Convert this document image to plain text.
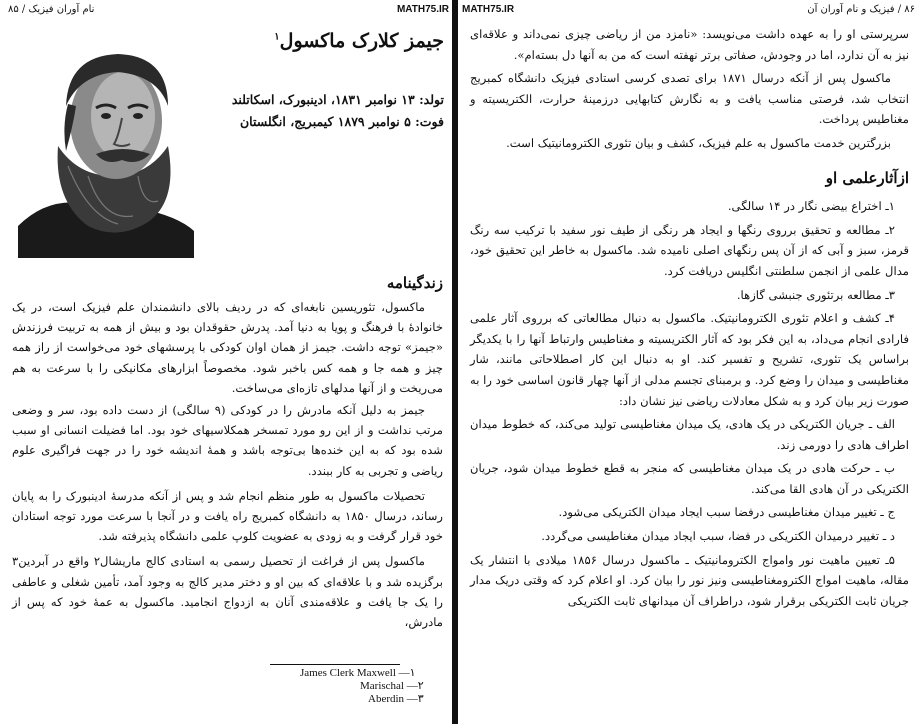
نام آوران فیزیک / ۸۵	MATH75.IR
جیمز کلارک ماکسول$^۱$
تولد: ۱۳ نوامبر ۱۸۳۱، ادینبورک، اسکاتلند
فوت: ۵ نوامبر ۱۸۷۹ کیمبریج، انگلستان
زندگینامه

ماکسول، تئوریسین نابغه‌ای که در ردیف بالای دانشمندان علم فیزیک است، در یک خانوادهٔ با فرهنگ و پویا به دنیا آمد. پدرش حقوقدان بود و بیش از همه به تربیت فرزندش «جیمز» توجه داشت. جیمز از همان اوان کودکی با پرسشهای خود می‌خواست از راز همه چیز و همه جا و همه کس باخبر شود. مخصوصاً ابزارهای مکانیکی را با سرعت به هم می‌ریخت و از آنها مدلهای تازه‌ای می‌ساخت.

جیمز به دلیل آنکه مادرش را در کودکی (۹ سالگی) از دست داده بود، سر و وضعی مرتب نداشت و از این رو مورد تمسخر همکلاسیهای خود بود. اما فضیلت انسانی او سبب شده بود که به این خنده‌ها بی‌توجه باشد و همهٔ اندیشه خود را در جهت فراگیری علوم ریاضی و تجربی به کار ببندد.

تحصیلات ماکسول به طور منظم انجام شد و پس از آنکه مدرسهٔ ادینبورک را به پایان رساند، درسال ۱۸۵۰ به دانشگاه کمبریج راه یافت و در آنجا با سرعت مورد توجه استادان خود قرار گرفت و به زودی به عضویت کلوپ علمی دانشگاه پذیرفته شد.

ماکسول پس از فراغت از تحصیل رسمی به استادی کالج ماریشال۲ واقع در آبردین۳ برگزیده شد و با علاقه‌ای که بین او و دختر مدیر کالج به وجود آمد، تأمین شغلی و عاطفی را یک جا یافت و علاقه‌مندی آنان به ازدواج انجامید. ماکسول به عمهٔ خود که پس از مادرش،

James Clerk Maxwell —۱
Marischal —۲
Aberdin —۳
MATH75.IR	۸۶ / فیزیک و نام آوران آن

سرپرستی او را به عهده داشت می‌نویسد: «نامزد من از ریاضی چیزی نمی‌داند و علاقه‌ای نیز به آن ندارد، اما در وجودش، صفاتی برتر نهفته است که من به آنها دل بسته‌ام».

ماکسول پس از آنکه درسال ۱۸۷۱ برای تصدی کرسی استادی فیزیک دانشگاه کمبریج انتخاب شد، فرصتی مناسب یافت و به نگارش کتابهایی درزمینهٔ حرارت، الکتریسیته و مغناطیس پرداخت.

بزرگترین خدمت ماکسول به علم فیزیک، کشف و بیان تئوری الکترومانیتیک است.

ازآثارعلمی او

۱ـ اختراع بیضی نگار در ۱۴ سالگی.

۲ـ مطالعه و تحقیق برروی رنگها و ایجاد هر رنگی از طیف نور سفید با ترکیب سه رنگ قرمز، سبز و آبی که از آن پس رنگهای اصلی نامیده شد. ماکسول به خاطر این تحقیق خود، مدال علمی از انجمن سلطنتی انگلیس دریافت کرد.

۳ـ مطالعه برتئوری جنبشی گازها.

۴ـ کشف و اعلام تئوری الکترومانیتیک. ماکسول به دنبال مطالعاتی که برروی آثار علمی فارادی انجام می‌داد، به این فکر بود که آثار الکتریسیته و مغناطیس وارتباط آنها را با یکدیگر براساس یک تئوری، تشریح و تفسیر کند. او به دنبال این کار اصطلاحاتی مانند، شار مغناطیسی و میدان را وضع کرد. و برمبنای تجسم مدلی از آنها چهار قانون اساسی خود را به صورت زیر بیان کرد و به شکل معادلات ریاضی نیز نشان داد:

الف ـ جریان الکتریکی در یک هادی، یک میدان مغناطیسی تولید می‌کند، که خطوط میدان اطراف هادی را دورمی زند.

ب ـ حرکت هادی در یک میدان مغناطیسی که منجر به قطع خطوط میدان شود، جریان الکتریکی در آن هادی القا می‌کند.

ج ـ تغییر میدان مغناطیسی درفضا سبب ایجاد میدان الکتریکی می‌شود.

د ـ تغییر درمیدان الکتریکی در فضا، سبب ایجاد میدان مغناطیسی می‌گردد.

۵ـ تعیین ماهیت نور وامواج الکترومانیتیک ـ ماکسول درسال ۱۸۵۶ میلادی با انتشار یک مقاله، ماهیت امواج الکترومغناطیسی ونیز نور را بیان کرد. او اعلام کرد که وقتی دریک مدار جریان ثابت الکتریکی برقرار شود، دراطراف آن میدانهای ثابت الکتریکی
